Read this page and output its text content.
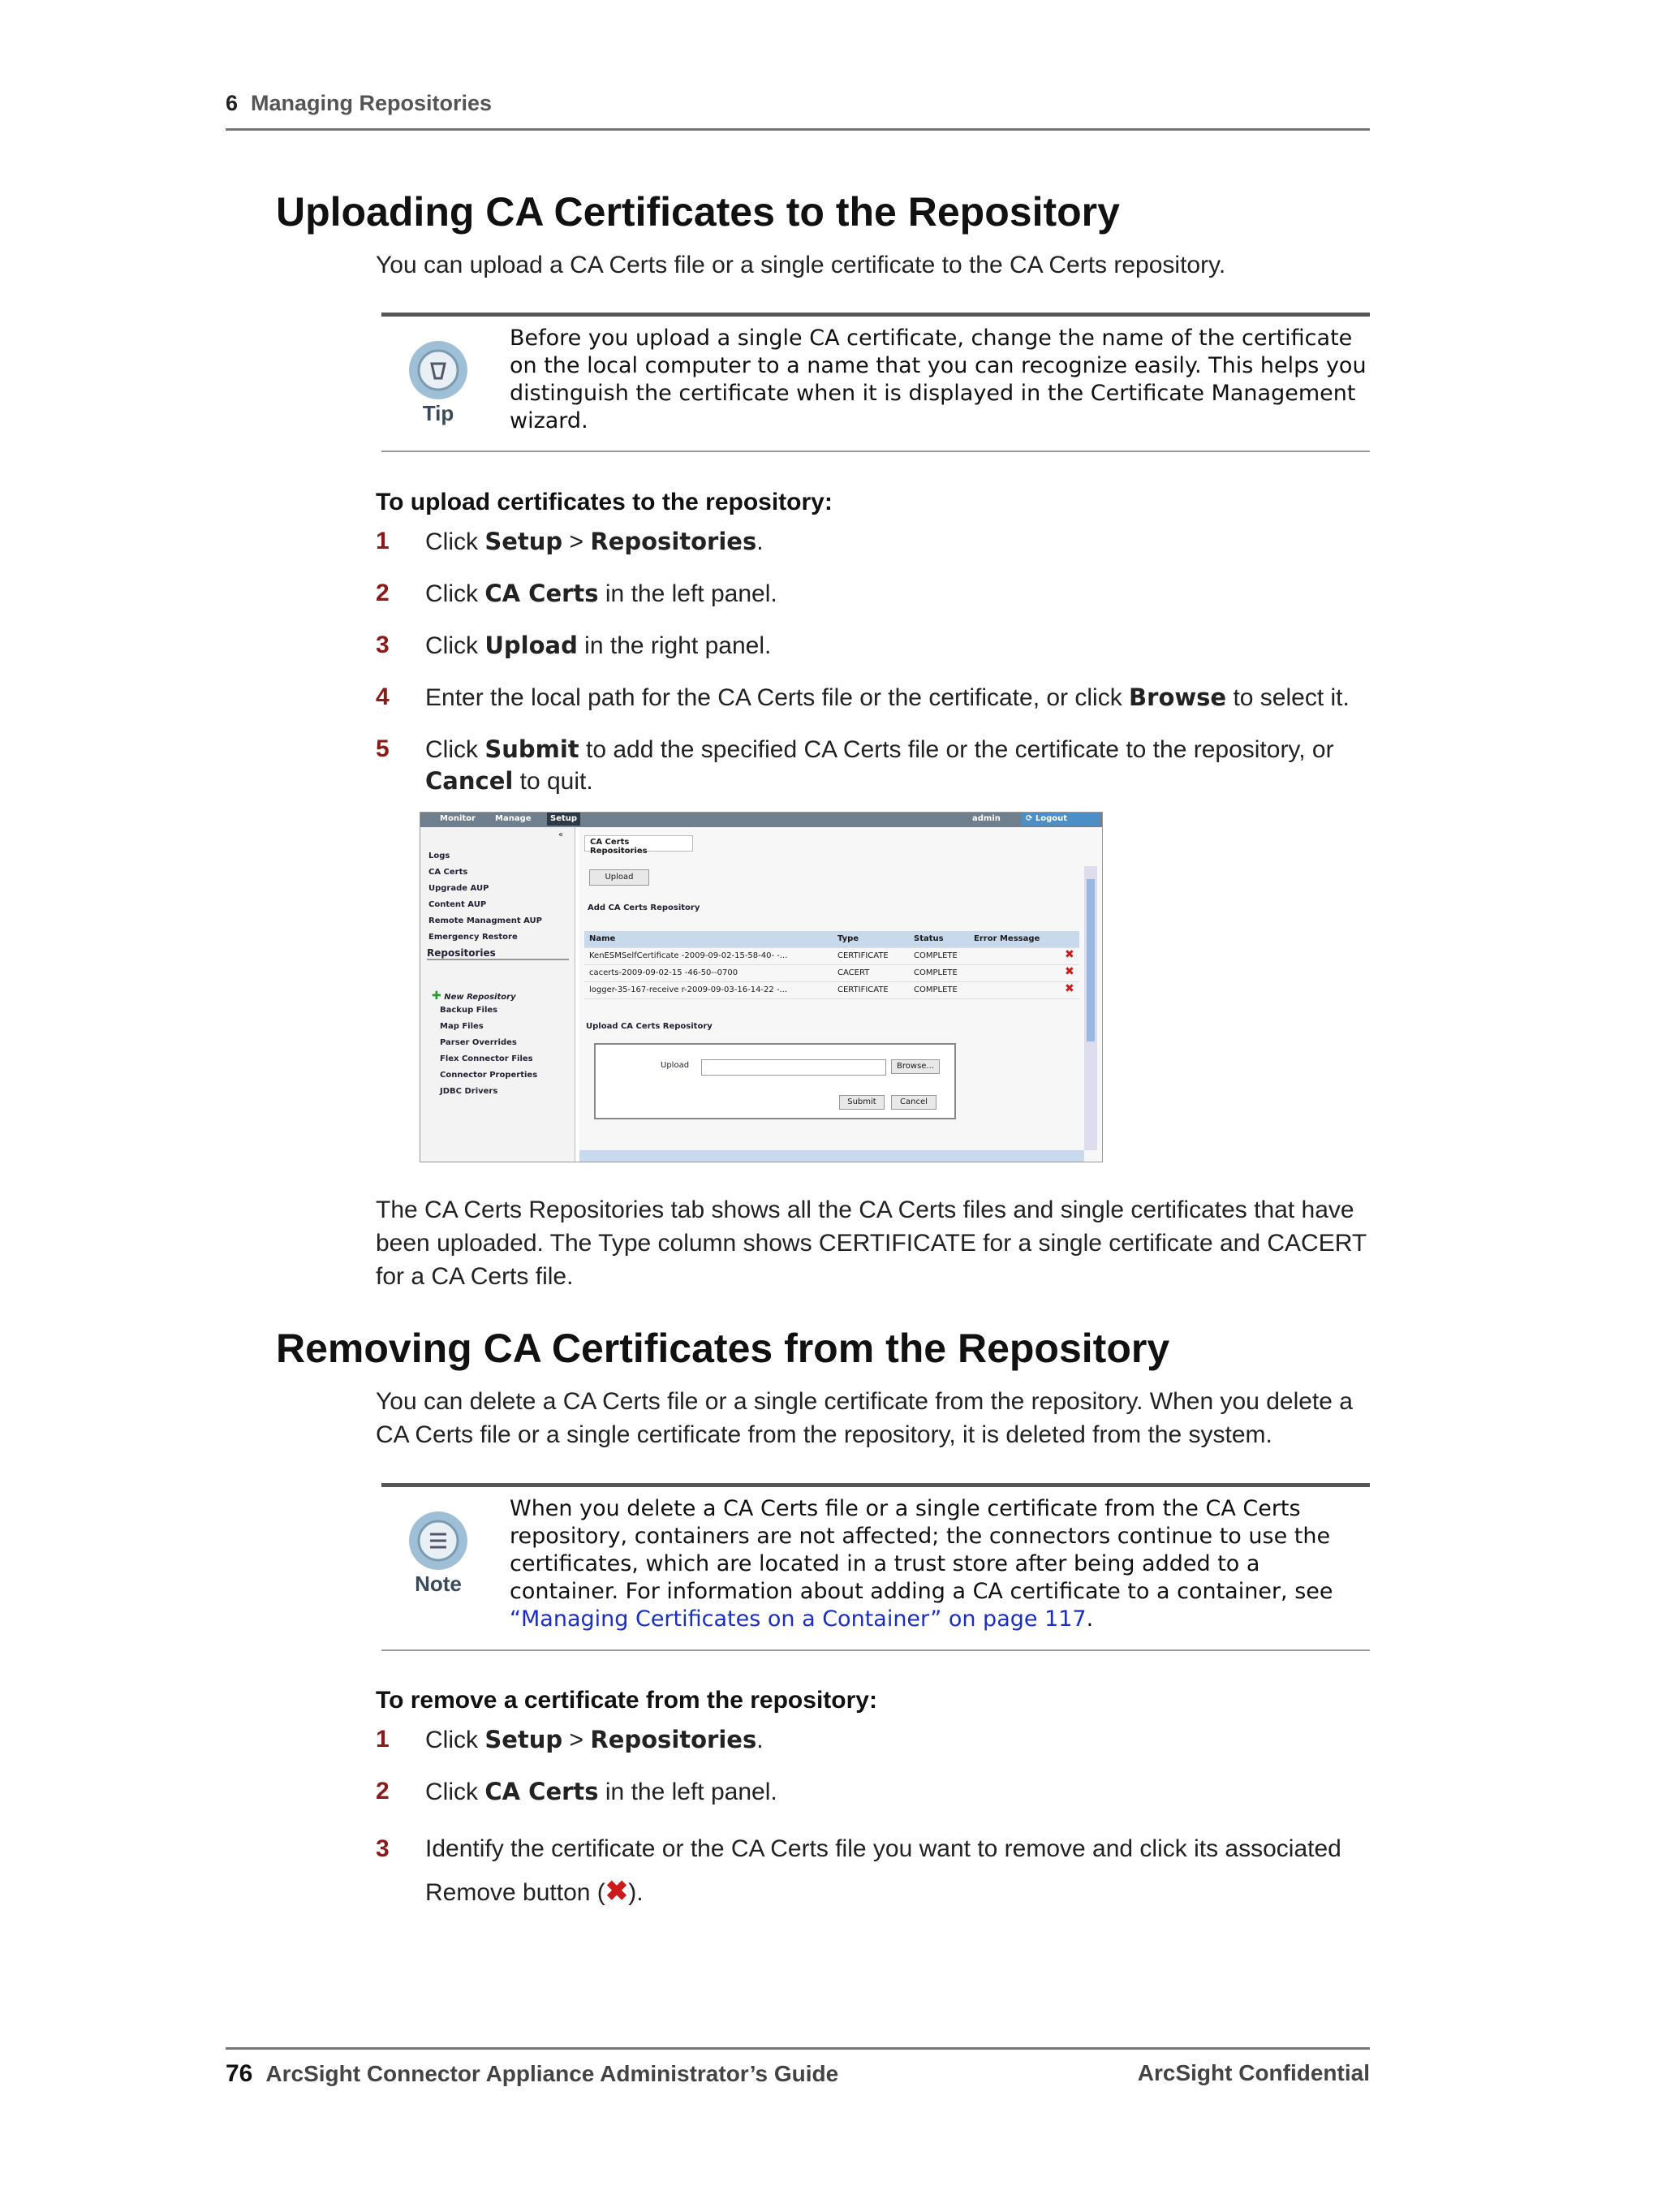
6 Managing Repositories
Uploading CA Certificates to the Repository
You can upload a CA Certs file or a single certificate to the CA Certs repository.
Tip
Before you upload a single CA certificate, change the name of the certificate on the local computer to a name that you can recognize easily. This helps you distinguish the certificate when it is displayed in the Certificate Management wizard.
To upload certificates to the repository:
1 Click Setup > Repositories.
2 Click CA Certs in the left panel.
3 Click Upload in the right panel.
4 Enter the local path for the CA Certs file or the certificate, or click Browse to select it.
5 Click Submit to add the specified CA Certs file or the certificate to the repository, or Cancel to quit.
Monitor Manage	Setup	admin	⟳ Logout
«
Logs
CA Certs
Upgrade AUP
Content AUP
Remote Managment AUP
Emergency Restore
Repositories
✚ New Repository
Backup Files
Map Files
Parser Overrides
Flex Connector Files
Connector Properties
JDBC Drivers
CA Certs Repositories
Upload
Add CA Certs Repository
Name	Type	Status	Error Message
KenESMSelfCertificate -2009-09-02-15-58-40- -...	CERTIFICATE	COMPLETE	✖
cacerts-2009-09-02-15 -46-50--0700	CACERT	COMPLETE	✖
logger-35-167-receive r-2009-09-03-16-14-22 -...	CERTIFICATE	COMPLETE	✖
Upload CA Certs Repository
Upload	Browse...
Submit	Cancel
The CA Certs Repositories tab shows all the CA Certs files and single certificates that have been uploaded. The Type column shows CERTIFICATE for a single certificate and CACERT for a CA Certs file.
Removing CA Certificates from the Repository
You can delete a CA Certs file or a single certificate from the repository. When you delete a CA Certs file or a single certificate from the repository, it is deleted from the system.
Note
When you delete a CA Certs file or a single certificate from the CA Certs repository, containers are not affected; the connectors continue to use the certificates, which are located in a trust store after being added to a container. For information about adding a CA certificate to a container, see “Managing Certificates on a Container” on page 117.
To remove a certificate from the repository:
1 Click Setup > Repositories.
2 Click CA Certs in the left panel.
3 Identify the certificate or the CA Certs file you want to remove and click its associated Remove button (✖).
76 ArcSight Connector Appliance Administrator’s Guide	ArcSight Confidential
